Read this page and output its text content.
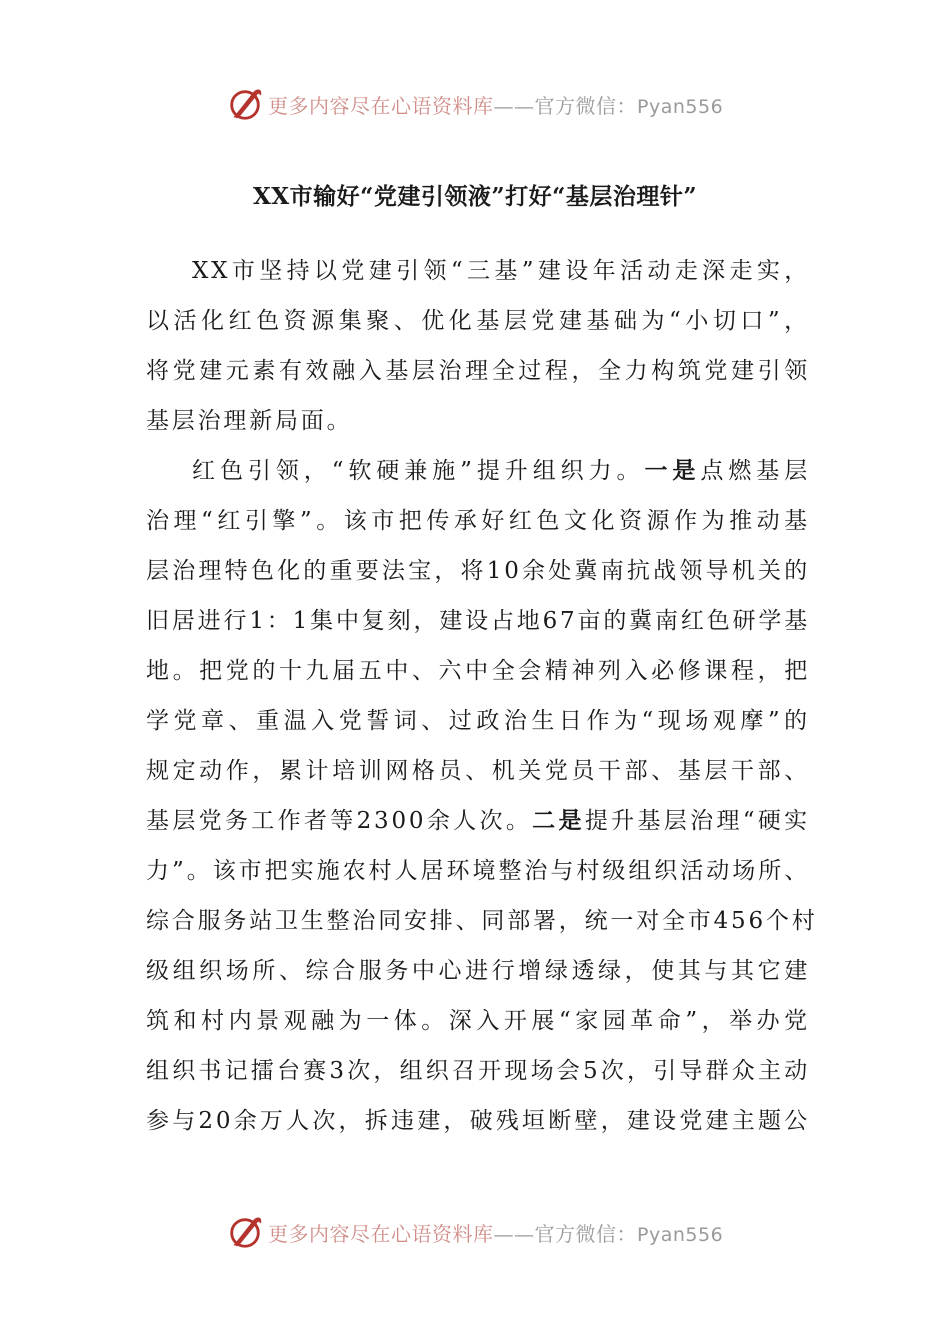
更多内容尽在心语资料库——官方微信：Pyan556
XX市输好“党建引领液”打好“基层治理针”
XX市坚持以党建引领“三基”建设年活动走深走实，
以活化红色资源集聚、优化基层党建基础为“小切口”，
将党建元素有效融入基层治理全过程，全力构筑党建引领
基层治理新局面。
红色引领，“软硬兼施”提升组织力。一是点燃基层
治理“红引擎”。该市把传承好红色文化资源作为推动基
层治理特色化的重要法宝，将10余处冀南抗战领导机关的
旧居进行1：1集中复刻，建设占地67亩的冀南红色研学基
地。把党的十九届五中、六中全会精神列入必修课程，把
学党章、重温入党誓词、过政治生日作为“现场观摩”的
规定动作，累计培训网格员、机关党员干部、基层干部、
基层党务工作者等2300余人次。二是提升基层治理“硬实
力”。该市把实施农村人居环境整治与村级组织活动场所、
综合服务站卫生整治同安排、同部署，统一对全市456个村
级组织场所、综合服务中心进行增绿透绿，使其与其它建
筑和村内景观融为一体。深入开展“家园革命”，举办党
组织书记擂台赛3次，组织召开现场会5次，引导群众主动
参与20余万人次，拆违建，破残垣断壁，建设党建主题公
更多内容尽在心语资料库——官方微信：Pyan556
